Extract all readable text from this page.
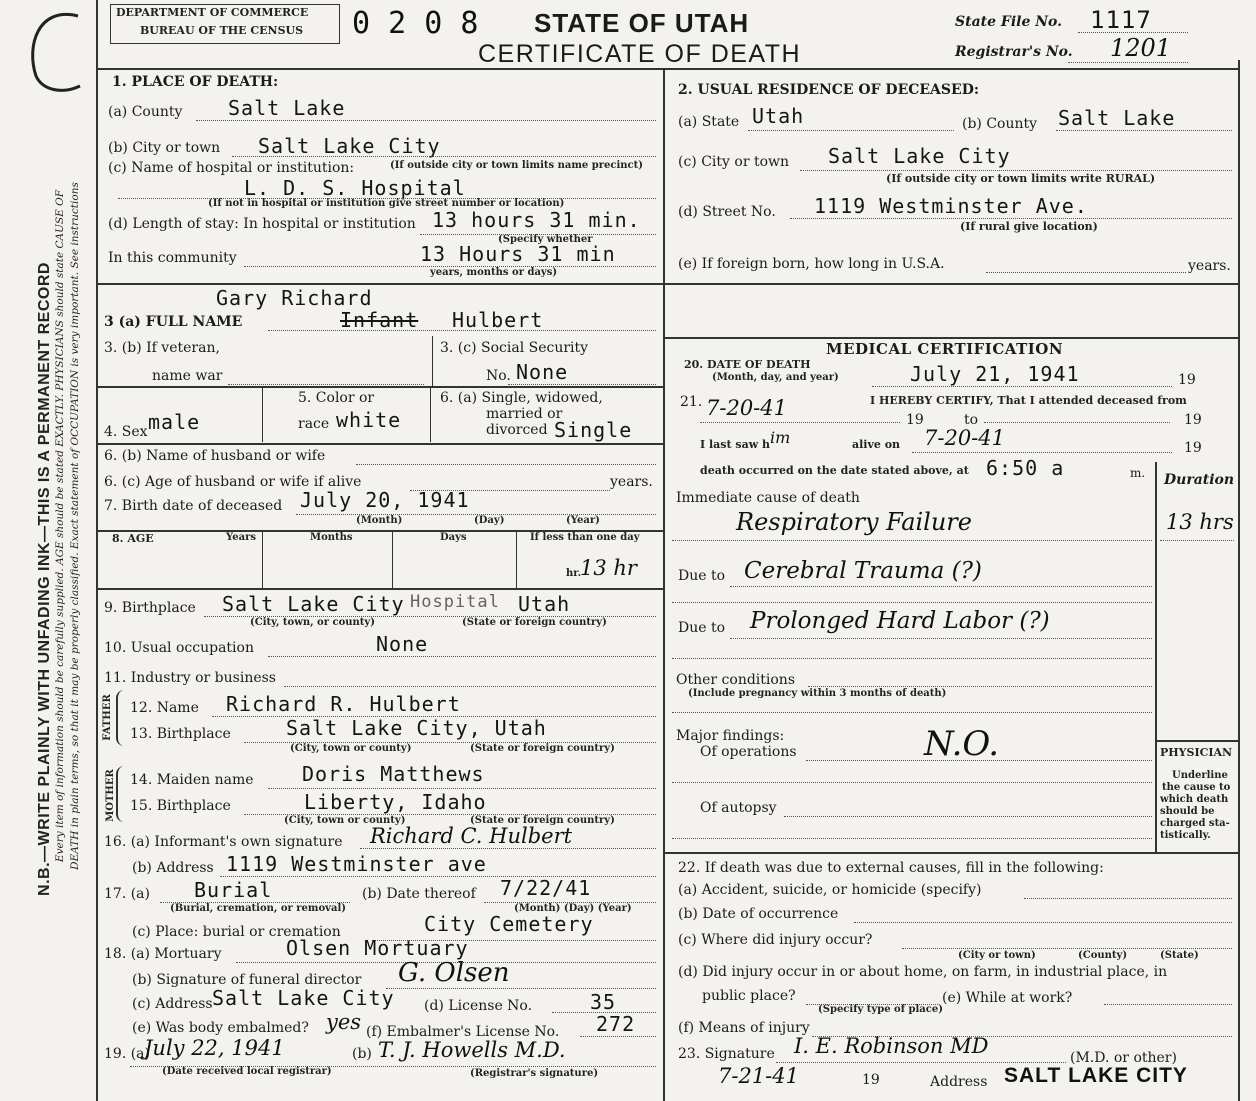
N.B.—WRITE PLAINLY WITH UNFADING INK—THIS IS A PERMANENT RECORD Every item of information should be carefully supplied. AGE should be stated EXACTLY. PHYSICIANS should state CAUSE OF DEATH in plain terms, so that it may be properly classified. Exact statement of OCCUPATION is very important. See instructions
DEPARTMENT OF COMMERCE
BUREAU OF THE CENSUS 0 2 0 8 STATE OF UTAH
CERTIFICATE OF DEATH
State File No. 1117
Registrar's No. 1201
1. PLACE OF DEATH:
(a) County Salt Lake
(b) City or town Salt Lake City
(c) Name of hospital or institution:	(If outside city or town limits name precinct)
L. D. S. Hospital
(If not in hospital or institution give street number or location)
(d) Length of stay: In hospital or institution 13 hours 31 min.
(Specify whether
In this community	13 Hours 31 min
years, months or days)
Gary Richard
3 (a) FULL NAME	Infant Hulbert
3. (b) If veteran,
name war
3. (c) Social Security
No. None
4. Sex male
5. Color or
race white
6. (a) Single, widowed,
married or
divorced Single
6. (b) Name of husband or wife
6. (c) Age of husband or wife if alive	years.
7. Birth date of deceased July 20, 1941
(Month)	(Day)	(Year)
8. AGE	Years	Months	Days	If less than one day
hr.
13 hr
9. Birthplace Salt Lake City Hospital Utah
(City, town, or county)	(State or foreign country)
10. Usual occupation	None
11. Industry or business
FATHER
MOTHER
12. Name Richard R. Hulbert
13. Birthplace	Salt Lake City, Utah
(City, town or county)	(State or foreign country)
14. Maiden name Doris Matthews
15. Birthplace	Liberty, Idaho
(City, town or county)	(State or foreign country)
16. (a) Informant's own signature Richard C. Hulbert
(b) Address 1119 Westminster ave
17. (a) Burial	(b) Date thereof 7/22/41
(Burial, cremation, or removal)	(Month) (Day) (Year)
(c) Place: burial or cremation	City Cemetery
18. (a) Mortuary	Olsen Mortuary
(b) Signature of funeral director G. Olsen
(c) Address Salt Lake City (d) License No.	35
(e) Was body embalmed? yes (f) Embalmer's License No. 272
19. (a)
July 22, 1941	(b) T. J. Howells M.D.
(Date received local registrar)	(Registrar's signature)
2. USUAL RESIDENCE OF DECEASED:
(a) State Utah	(b) County Salt Lake
(c) City or town Salt Lake City
(If outside city or town limits write RURAL)
(d) Street No. 1119 Westminster Ave.
(If rural give location)
(e) If foreign born, how long in U.S.A.	years.
MEDICAL CERTIFICATION
20. DATE OF DEATH
(Month, day, and year)	July 21, 1941	19
21. 7-20-41	I HEREBY CERTIFY, That I attended deceased from
19	to	19
I last saw h im	alive on 7-20-41	19
death occurred on the date stated above, at 6:50 a	m.
Immediate cause of death
Respiratory Failure
Duration
13 hrs
Due to Cerebral Trauma (?)
Due to Prolonged Hard Labor (?)
Other conditions
(Include pregnancy within 3 months of death)
Major findings:
Of operations	N.O.
Of autopsy
PHYSICIAN
Underline
the cause to
which death
should be
charged sta-
tistically.
22. If death was due to external causes, fill in the following:
(a) Accident, suicide, or homicide (specify)
(b) Date of occurrence
(c) Where did injury occur?
(City or town)	(County)	(State)
(d) Did injury occur in or about home, on farm, in industrial place, in
public place?
(Specify type of place)
(e) While at work?
(f) Means of injury
23. Signature I. E. Robinson MD	(M.D. or other)
7-21-41	19	Address SALT LAKE CITY
